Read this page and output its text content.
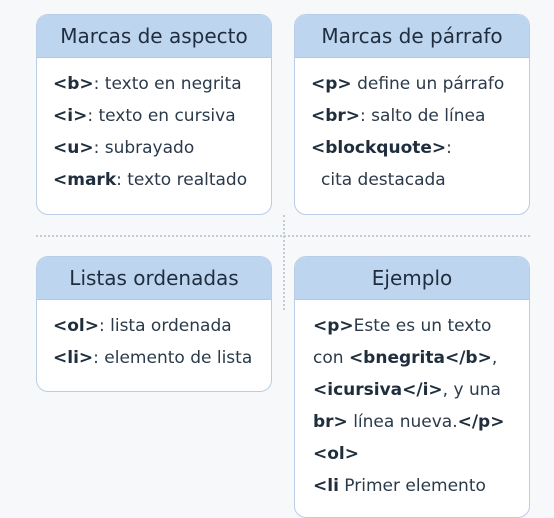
Marcas de aspecto
<b>: texto en negrita
<i>: texto en cursiva
<u>: subrayado
<mark: texto realtado
Marcas de párrafo
<p> define un párrafo
<br>: salto de línea
<blockquote>:
cita destacada
Listas ordenadas
<ol>: lista ordenada
<li>: elemento de lista
Ejemplo
<p>Este es un texto
con <bnegrita</b>,
<icursiva</i>, y una
br> línea nueva.</p>
<ol>
<li Primer elemento
